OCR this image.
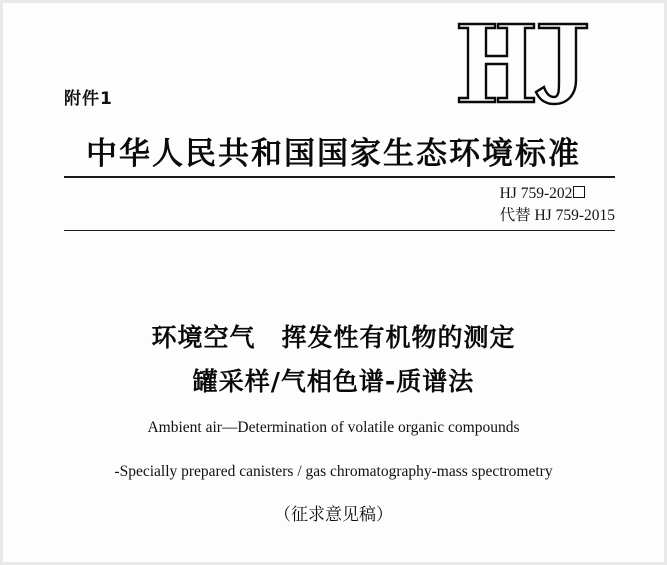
附件1
中华人民共和国国家生态环境标准
HJ 759-202
代替 HJ 759-2015
环境空气　挥发性有机物的测定
罐采样/气相色谱-质谱法
Ambient air—Determination of volatile organic compounds
-Specially prepared canisters / gas chromatography-mass spectrometry
（征求意见稿）
